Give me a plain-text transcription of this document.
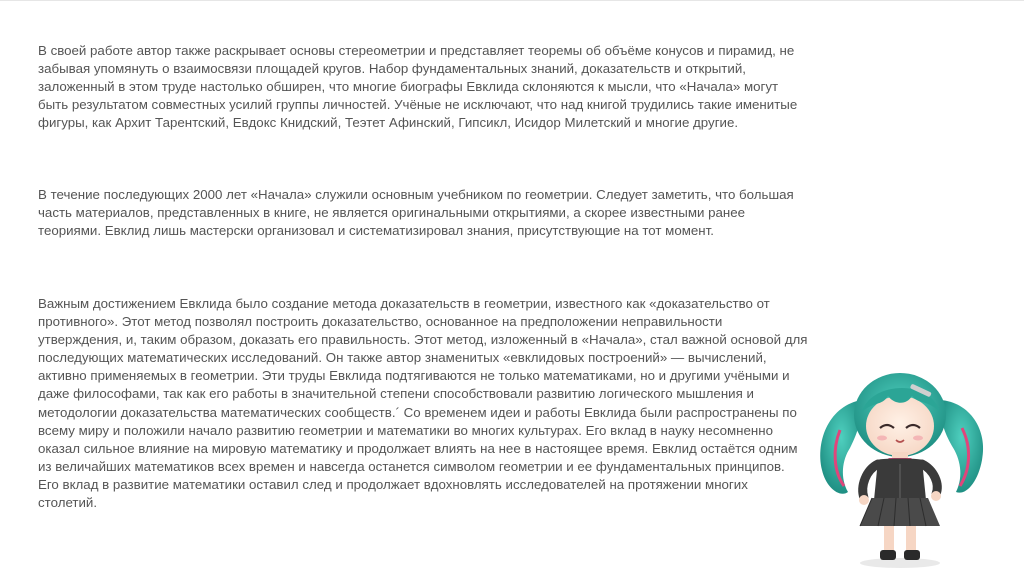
В своей работе автор также раскрывает основы стереометрии и представляет теоремы об объёме конусов и пирамид, не забывая упомянуть о взаимосвязи площадей кругов. Набор фундаментальных знаний, доказательств и открытий, заложенный в этом труде настолько обширен, что многие биографы Евклида склоняются к мысли, что «Начала» могут быть результатом совместных усилий группы личностей. Учёные не исключают, что над книгой трудились такие именитые фигуры, как Архит Тарентский, Евдокс Книдский, Теэтет Афинский, Гипсикл, Исидор Милетский и многие другие.

В течение последующих 2000 лет «Начала» служили основным учебником по геометрии. Следует заметить, что большая часть материалов, представленных в книге, не является оригинальными открытиями, а скорее известными ранее теориями. Евклид лишь мастерски организовал и систематизировал знания, присутствующие на тот момент.

Важным достижением Евклида было создание метода доказательств в геометрии, известного как «доказательство от противного». Этот метод позволял построить доказательство, основанное на предположении неправильности утверждения, и, таким образом, доказать его правильность. Этот метод, изложенный в «Начала», стал важной основой для последующих математических исследований. Он также автор знаменитых «евклидовых построений» — вычислений, активно применяемых в геометрии. Эти труды Евклида подтягиваются не только математиками, но и другими учёными и даже философами, так как его работы в значительной степени способствовали развитию логического мышления и методологии доказательства математических сообществ.´ Со временем идеи и работы Евклида были распространены по всему миру и положили начало развитию геометрии и математики во многих культурах. Его вклад в науку несомненно оказал сильное влияние на мировую математику и продолжает влиять на нее в настоящее время. Евклид остаётся одним из величайших математиков всех времен и навсегда останется символом геометрии и ее фундаментальных принципов. Его вклад в развитие математики оставил след и продолжает вдохновлять исследователей на протяжении многих столетий.
